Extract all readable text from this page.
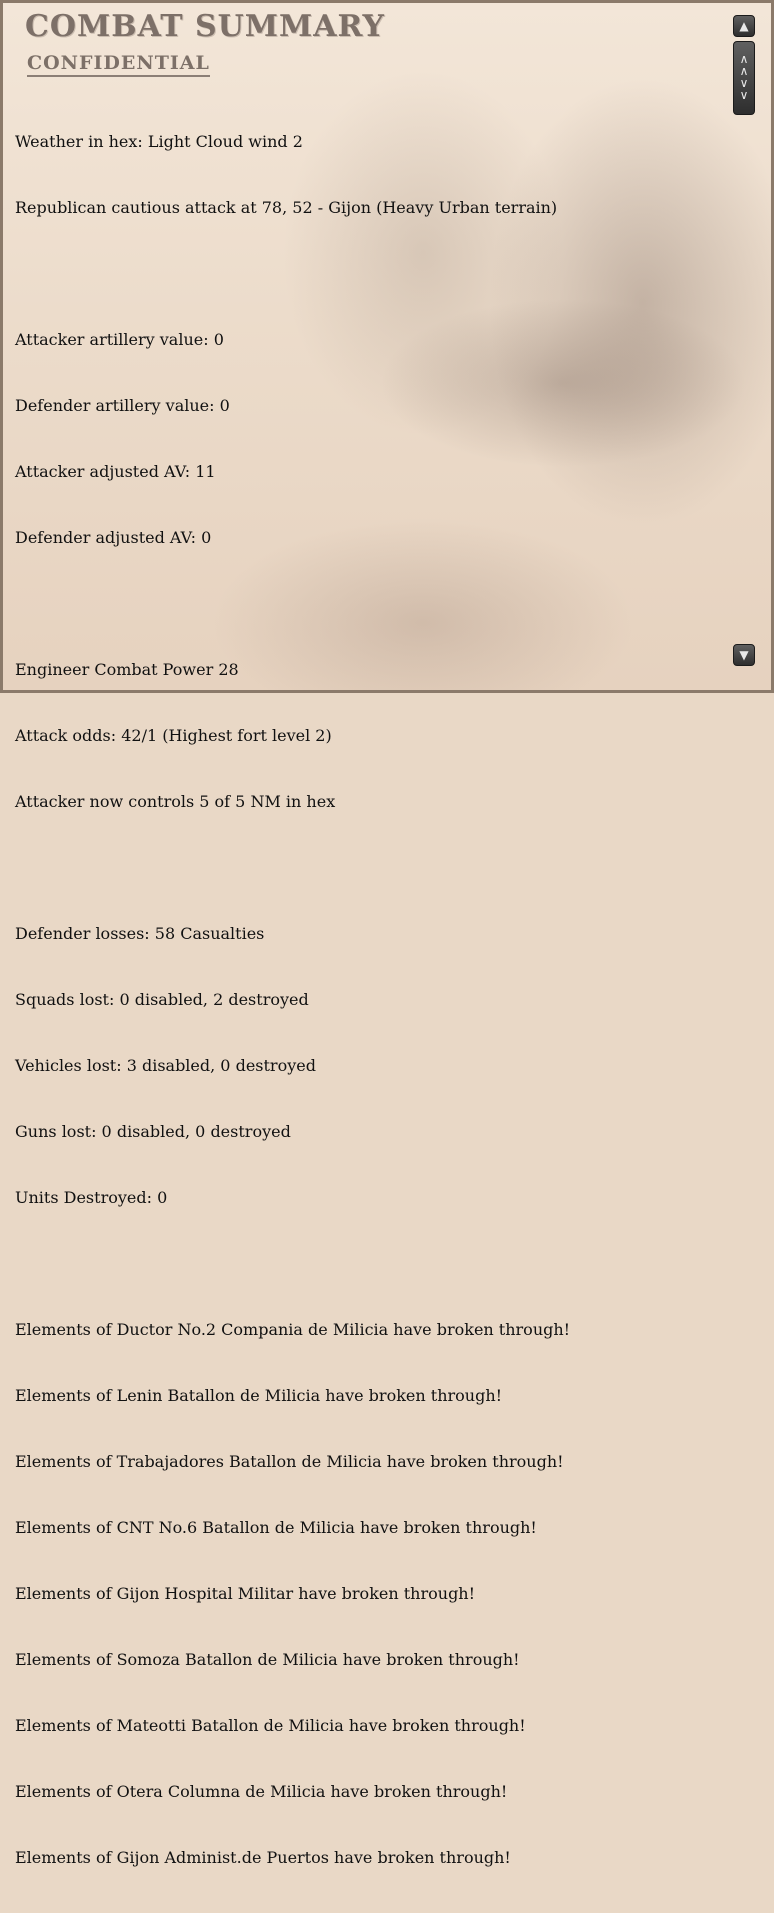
COMBAT SUMMARY
CONFIDENTIAL

Weather in hex: Light Cloud wind 2

Republican cautious attack at 78, 52 - Gijon (Heavy Urban terrain)

Attacker artillery value: 0

Defender artillery value: 0

Attacker adjusted AV: 11

Defender adjusted AV: 0

Engineer Combat Power 28

Attack odds: 42/1 (Highest fort level 2)

Attacker now controls 5 of 5 NM in hex

Defender losses: 58 Casualties

Squads lost: 0 disabled, 2 destroyed

Vehicles lost: 3 disabled, 0 destroyed

Guns lost: 0 disabled, 0 destroyed

Units Destroyed: 0

Elements of Ductor No.2 Compania de Milicia have broken through!

Elements of Lenin Batallon de Milicia have broken through!

Elements of Trabajadores Batallon de Milicia have broken through!

Elements of CNT No.6 Batallon de Milicia have broken through!

Elements of Gijon Hospital Militar have broken through!

Elements of Somoza Batallon de Milicia have broken through!

Elements of Mateotti Batallon de Milicia have broken through!

Elements of Otera Columna de Milicia have broken through!

Elements of Gijon Administ.de Puertos have broken through!

▲
∧
∧
∨
∨
▼
